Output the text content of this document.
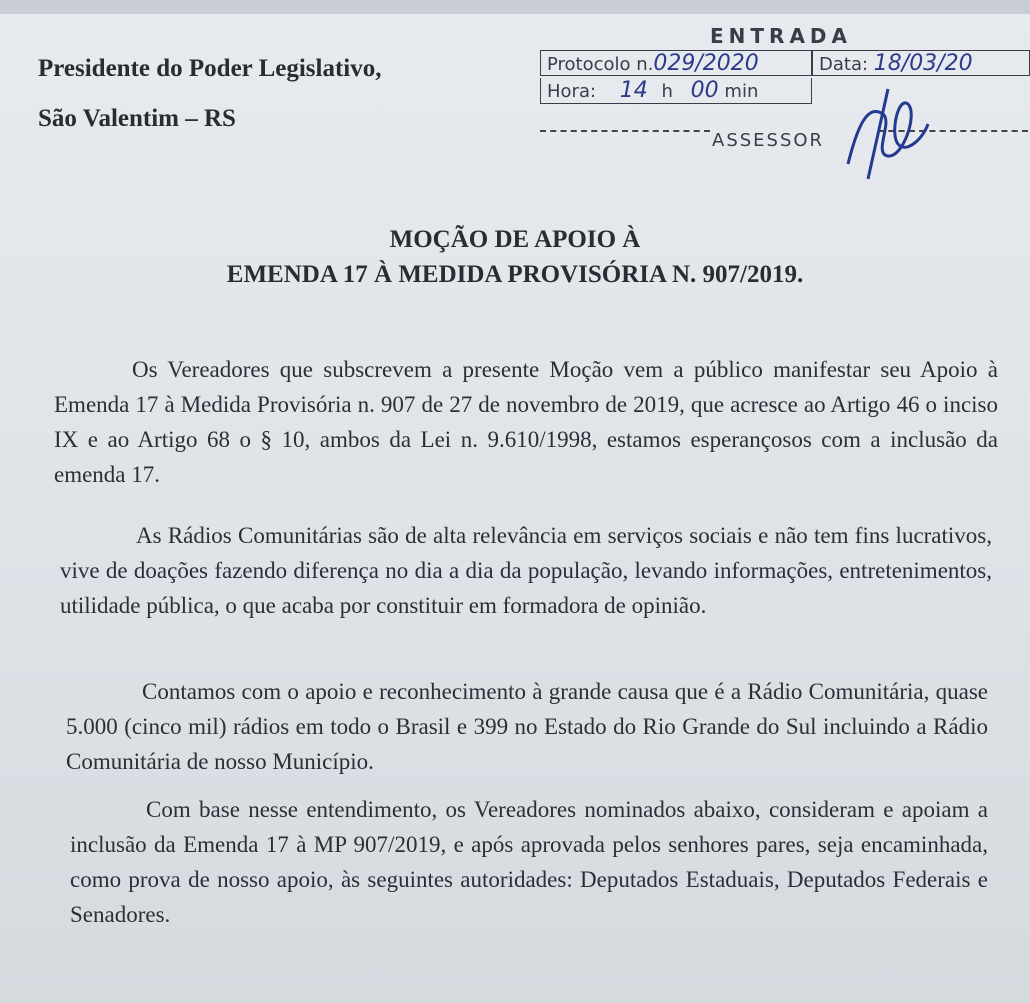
Presidente do Poder Legislativo,
São Valentim – RS
ENTRADA
Protocolo n.029/2020	Data: 18/03/20
Hora: 14 h 00 min
ASSESSOR
MOÇÃO DE APOIO À
EMENDA 17 À MEDIDA PROVISÓRIA N. 907/2019.
Os Vereadores que subscrevem a presente Moção vem a público manifestar seu Apoio à Emenda 17 à Medida Provisória n. 907 de 27 de novembro de 2019, que acresce ao Artigo 46 o inciso IX e ao Artigo 68 o § 10, ambos da Lei n. 9.610/1998, estamos esperançosos com a inclusão da emenda 17.
As Rádios Comunitárias são de alta relevância em serviços sociais e não tem fins lucrativos, vive de doações fazendo diferença no dia a dia da população, levando informações, entretenimentos, utilidade pública, o que acaba por constituir em formadora de opinião.
Contamos com o apoio e reconhecimento à grande causa que é a Rádio Comunitária, quase 5.000 (cinco mil) rádios em todo o Brasil e 399 no Estado do Rio Grande do Sul incluindo a Rádio Comunitária de nosso Município.
Com base nesse entendimento, os Vereadores nominados abaixo, consideram e apoiam a inclusão da Emenda 17 à MP 907/2019, e após aprovada pelos senhores pares, seja encaminhada, como prova de nosso apoio, às seguintes autoridades: Deputados Estaduais, Deputados Federais e Senadores.
